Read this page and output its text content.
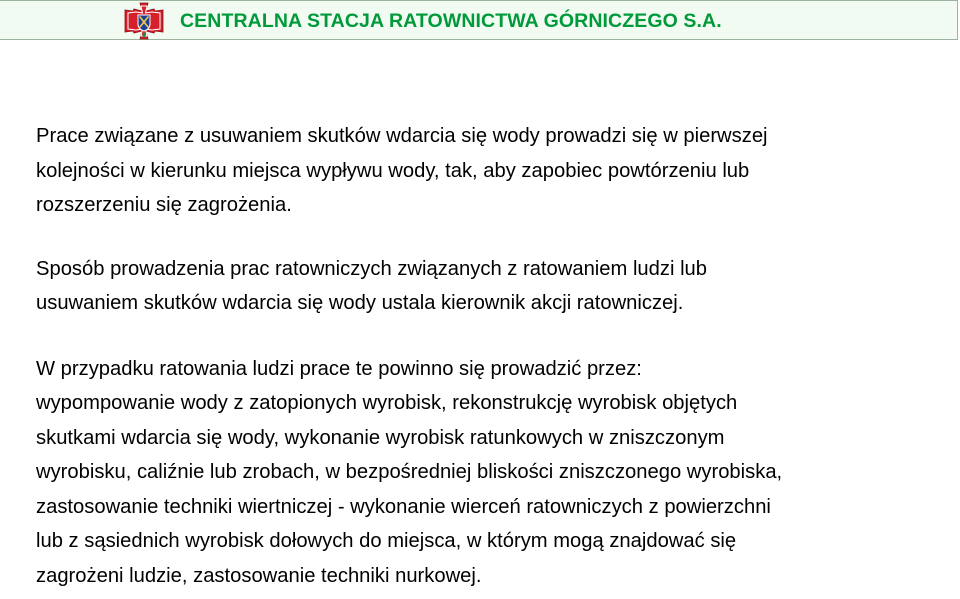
CENTRALNA STACJA RATOWNICTWA GÓRNICZEGO S.A.

Prace związane z usuwaniem skutków wdarcia się wody prowadzi się w pierwszej
kolejności w kierunku miejsca wypływu wody, tak, aby zapobiec powtórzeniu lub
rozszerzeniu się zagrożenia.

Sposób prowadzenia prac ratowniczych związanych z ratowaniem ludzi lub
usuwaniem skutków wdarcia się wody ustala kierownik akcji ratowniczej.

W przypadku ratowania ludzi prace te powinno się prowadzić przez:
wypompowanie wody z zatopionych wyrobisk, rekonstrukcję wyrobisk objętych
skutkami wdarcia się wody, wykonanie wyrobisk ratunkowych w zniszczonym
wyrobisku, caliźnie lub zrobach, w bezpośredniej bliskości zniszczonego wyrobiska,
zastosowanie techniki wiertniczej - wykonanie wierceń ratowniczych z powierzchni
lub z sąsiednich wyrobisk dołowych do miejsca, w którym mogą znajdować się
zagrożeni ludzie, zastosowanie techniki nurkowej.
